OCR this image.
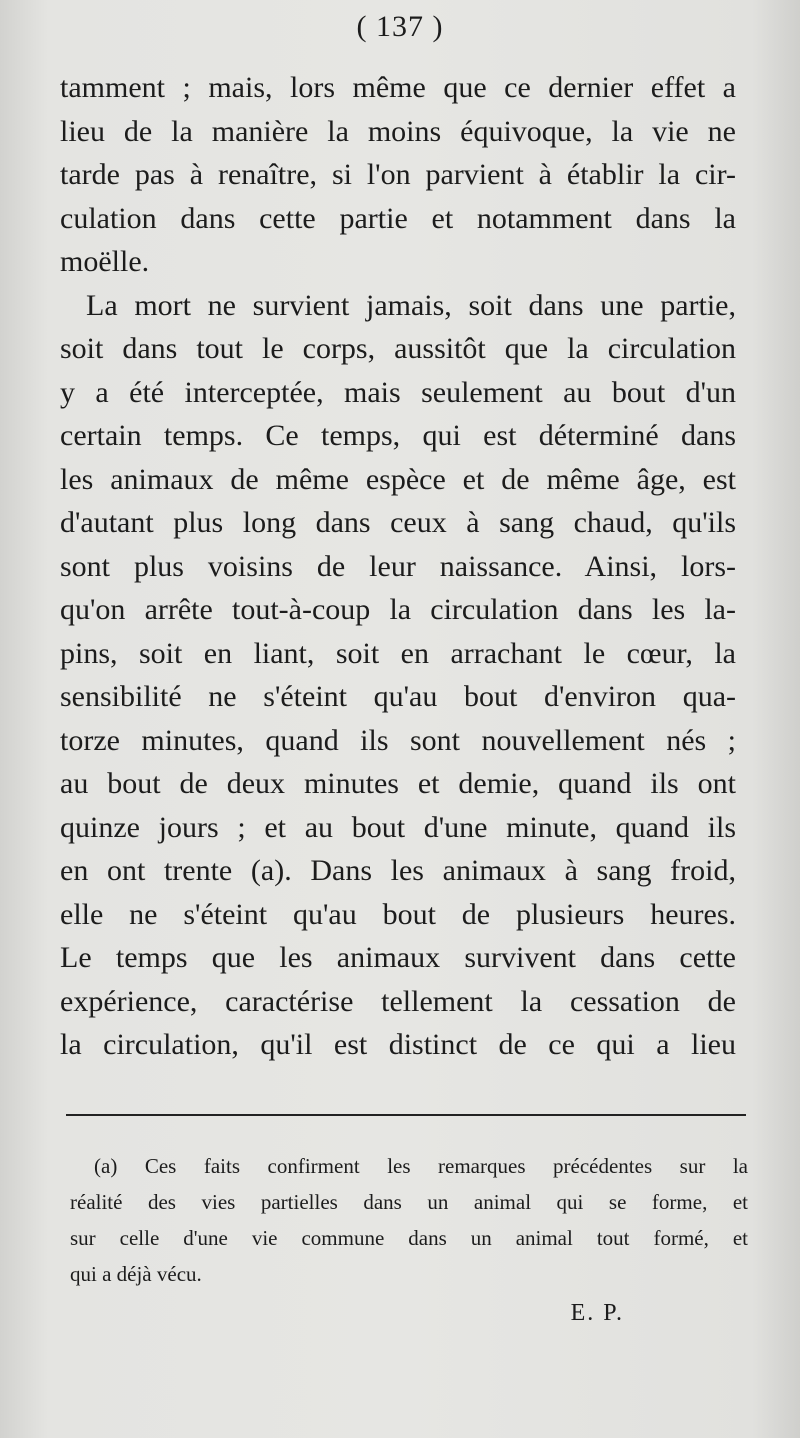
( 137 )
tamment ; mais, lors même que ce dernier effet a
lieu de la manière la moins équivoque, la vie ne
tarde pas à renaître, si l'on parvient à établir la cir-
culation dans cette partie et notamment dans la
moëlle.
La mort ne survient jamais, soit dans une partie,
soit dans tout le corps, aussitôt que la circulation
y a été interceptée, mais seulement au bout d'un
certain temps. Ce temps, qui est déterminé dans
les animaux de même espèce et de même âge, est
d'autant plus long dans ceux à sang chaud, qu'ils
sont plus voisins de leur naissance. Ainsi, lors-
qu'on arrête tout-à-coup la circulation dans les la-
pins, soit en liant, soit en arrachant le cœur, la
sensibilité ne s'éteint qu'au bout d'environ qua-
torze minutes, quand ils sont nouvellement nés ;
au bout de deux minutes et demie, quand ils ont
quinze jours ; et au bout d'une minute, quand ils
en ont trente (a). Dans les animaux à sang froid,
elle ne s'éteint qu'au bout de plusieurs heures.
Le temps que les animaux survivent dans cette
expérience, caractérise tellement la cessation de
la circulation, qu'il est distinct de ce qui a lieu
(a) Ces faits confirment les remarques précédentes sur la
réalité des vies partielles dans un animal qui se forme, et
sur celle d'une vie commune dans un animal tout formé, et
qui a déjà vécu.
E. P.
